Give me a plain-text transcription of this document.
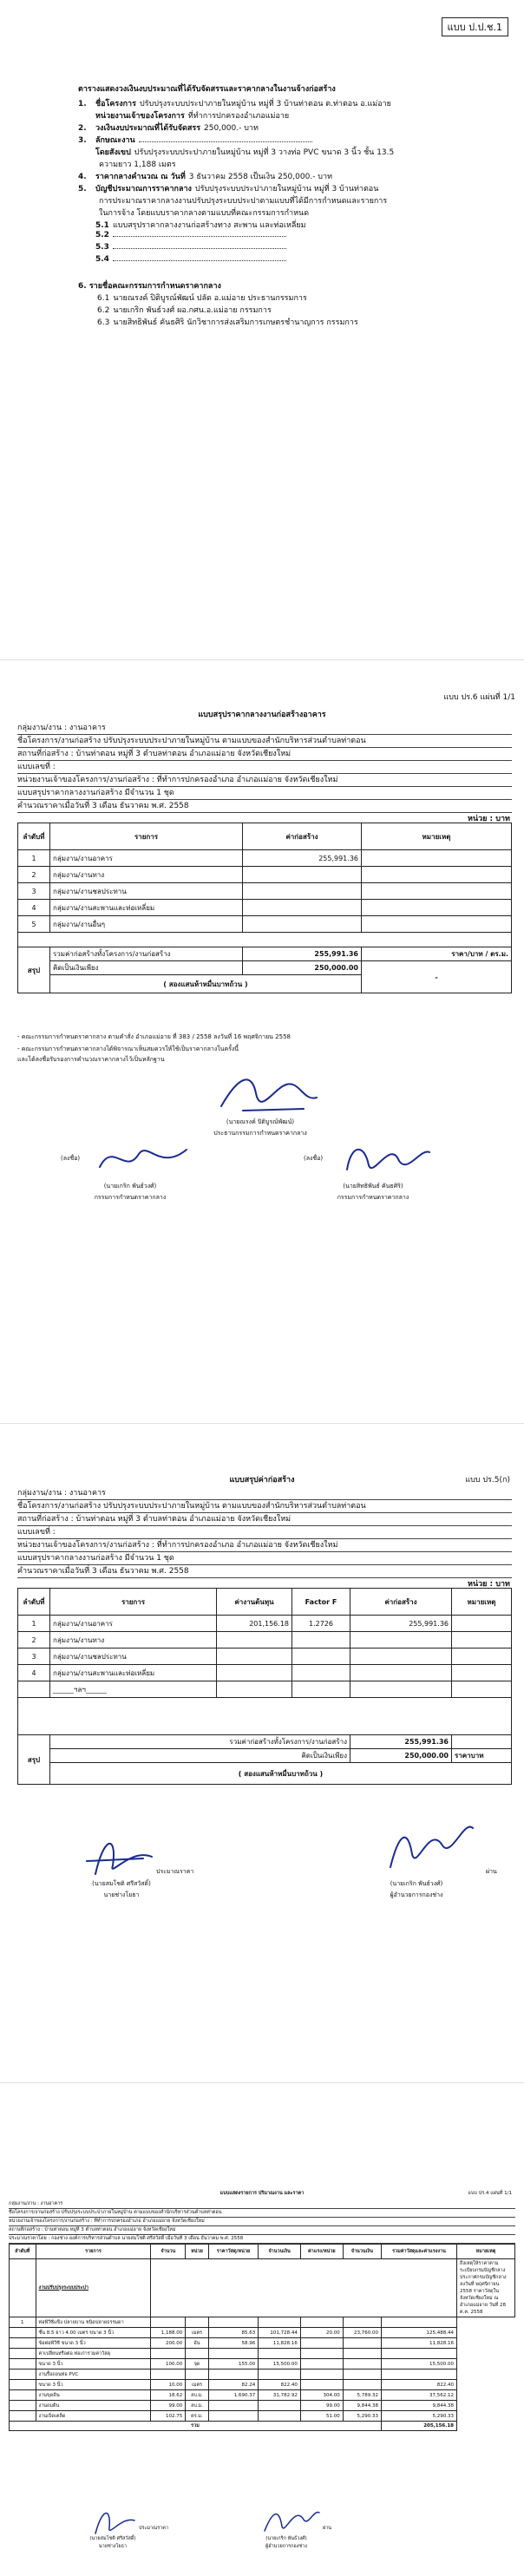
แบบ ป.ป.ช.1
ตารางแสดงวงเงินงบประมาณที่ได้รับจัดสรรและราคากลางในงานจ้างก่อสร้าง
1. ชื่อโครงการ ปรับปรุงระบบประปาภายในหมู่บ้าน หมู่ที่ 3 บ้านท่าตอน ต.ท่าตอน อ.แม่อาย
หน่วยงานเจ้าของโครงการ ที่ทำการปกครองอำเภอแม่อาย
2. วงเงินงบประมาณที่ได้รับจัดสรร 250,000.- บาท
3. ลักษณะงาน
โดยสังเขป ปรับปรุงระบบประปาภายในหมู่บ้าน หมู่ที่ 3 วางท่อ PVC ขนาด 3 นิ้ว ชั้น 13.5
ความยาว 1,188 เมตร
4. ราคากลางคำนวณ ณ วันที่ 3 ธันวาคม 2558 เป็นเงิน 250,000.- บาท
5. บัญชีประมาณการราคากลาง ปรับปรุงระบบประปาภายในหมู่บ้าน หมู่ที่ 3 บ้านท่าตอน
การประมาณราคากลางงานปรับปรุงระบบประปาตามแบบที่ได้มีการกำหนดและรายการ
ในการจ้าง โดยแบบราคากลางตามแบบที่คณะกรรมการกำหนด
5.1 แบบสรุปราคากลางงานก่อสร้างทาง สะพาน และท่อเหลี่ยม
5.2
5.3
5.4
6. รายชื่อคณะกรรมการกำหนดราคากลาง
6.1 นายณรงค์ ปิติบูรณ์พัฒน์ ปลัด อ.แม่อาย ประธานกรรมการ
6.2 นายเกริก พันธ์วงศ์ ผอ.กศน.อ.แม่อาย กรรมการ
6.3 นายสิทธิพันธ์ คันธศิริ นักวิชาการส่งเสริมการเกษตรชำนาญการ กรรมการ
แบบ ปร.6 แผ่นที่ 1/1
แบบสรุปราคากลางงานก่อสร้างอาคาร
กลุ่มงาน/งาน : งานอาคาร
ชื่อโครงการ/งานก่อสร้าง ปรับปรุงระบบประปาภายในหมู่บ้าน ตามแบบของสำนักบริหารส่วนตำบลท่าตอน
สถานที่ก่อสร้าง : บ้านท่าตอน หมู่ที่ 3 ตำบลท่าตอน อำเภอแม่อาย จังหวัดเชียงใหม่
แบบเลขที่ :
หน่วยงานเจ้าของโครงการ/งานก่อสร้าง : ที่ทำการปกครองอำเภอ อำเภอแม่อาย จังหวัดเชียงใหม่
แบบสรุปราคากลางงานก่อสร้าง มีจำนวน 1 ชุด
คำนวณราคาเมื่อวันที่ 3 เดือน ธันวาคม พ.ศ. 2558
หน่วย : บาท
ลำดับที่	รายการ	ค่าก่อสร้าง	หมายเหตุ
1	กลุ่มงาน/งานอาคาร	255,991.36	
2	กลุ่มงาน/งานทาง		
3	กลุ่มงาน/งานชลประทาน		
4	กลุ่มงาน/งานสะพานและท่อเหลี่ยม		
5	กลุ่มงาน/งานอื่นๆ		

สรุป	รวมค่าก่อสร้างทั้งโครงการ/งานก่อสร้าง	255,991.36	ราคา/บาท / ตร.ม.
	คิดเป็นเงินเพียง	250,000.00	-
	( สองแสนห้าหมื่นบาทถ้วน )		
- คณะกรรมการกำหนดราคากลาง ตามคำสั่ง อำเภอแม่อาย ที่ 383 / 2558 ลงวันที่ 16 พฤศจิกายน 2558
- คณะกรรมการกำหนดราคากลางได้พิจารณาเห็นสมควรให้ใช้เป็นราคากลางในครั้งนี้
และได้ลงชื่อรับรองการคำนวณราคากลางไว้เป็นหลักฐาน
(นายณรงค์ ปิติบูรณ์พัฒน์)
ประธานกรรมการกำหนดราคากลาง
(ลงชื่อ)
(นายเกริก พันธ์วงศ์)
กรรมการกำหนดราคากลาง
(ลงชื่อ)
(นายสิทธิพันธ์ คันธศิริ)
กรรมการกำหนดราคากลาง
แบบ ปร.5(ก)
แบบสรุปค่าก่อสร้าง
กลุ่มงาน/งาน : งานอาคาร
ชื่อโครงการ/งานก่อสร้าง ปรับปรุงระบบประปาภายในหมู่บ้าน ตามแบบของสำนักบริหารส่วนตำบลท่าตอน
สถานที่ก่อสร้าง : บ้านท่าตอน หมู่ที่ 3 ตำบลท่าตอน อำเภอแม่อาย จังหวัดเชียงใหม่
แบบเลขที่ :
หน่วยงานเจ้าของโครงการ/งานก่อสร้าง : ที่ทำการปกครองอำเภอ อำเภอแม่อาย จังหวัดเชียงใหม่
แบบสรุปราคากลางงานก่อสร้าง มีจำนวน 1 ชุด
คำนวณราคาเมื่อวันที่ 3 เดือน ธันวาคม พ.ศ. 2558
หน่วย : บาท
ลำดับที่	รายการ	ค่างานต้นทุน	Factor F	ค่าก่อสร้าง	หมายเหตุ
1	กลุ่มงาน/งานอาคาร	201,156.18	1.2726	255,991.36	
2	กลุ่มงาน/งานทาง				
3	กลุ่มงาน/งานชลประทาน				
4	กลุ่มงาน/งานสะพานและท่อเหลี่ยม				
	______ฯลฯ______				

สรุป	รวมค่าก่อสร้างทั้งโครงการ/งานก่อสร้าง			255,991.36	
	คิดเป็นเงินเพียง			250,000.00	ราคาบาท
	( สองแสนห้าหมื่นบาทถ้วน )				
ประมาณราคา
(นายสมโชติ ศรีสวัสดิ์)
นายช่างโยธา
ผ่าน
(นายเกริก พันธ์วงศ์)
ผู้อำนวยการกองช่าง
แบบ ปร.4 แผ่นที่ 1/1
แบบแสดงรายการ ปริมาณงาน และราคา
กลุ่มงาน/งาน : งานอาคาร
ชื่อโครงการ/งานก่อสร้าง ปรับปรุงระบบประปาภายในหมู่บ้าน ตามแบบของสำนักบริหารส่วนตำบลท่าตอน
หน่วยงานเจ้าของโครงการ/งานก่อสร้าง : ที่ทำการปกครองอำเภอ อำเภอแม่อาย จังหวัดเชียงใหม่
สถานที่ก่อสร้าง : บ้านท่าตอน หมู่ที่ 3 ตำบลท่าตอน อำเภอแม่อาย จังหวัดเชียงใหม่
ประมาณราคาโดย : กองช่าง องค์การบริหารส่วนตำบล นายสมโชติ ศรีสวัสดิ์ เมื่อวันที่ 3 เดือน ธันวาคม พ.ศ. 2558
ลำดับที่	รายการ	จำนวน	หน่วย	ราคาวัสดุ/หน่วย	จำนวนเงิน	ค่าแรง/หน่วย	จำนวนเงิน	รวมค่าวัสดุและค่าแรงงาน	หมายเหตุ
	งานปรับปรุงระบบประปา								ถึงเหตุให้ราคาตามระเบียบกรมบัญชีกลาง ประกาศกรมบัญชีกลาง ลงวันที่ พฤศจิกายน 2558 ราคาวัสดุในจังหวัดเชียงใหม่ ณ อำเภอแม่อาย วันที่ 28 ต.ค. 2558
1	ท่อพีวีซีแข็ง ปลายบาน ชนิดปลายธรรมดา								
	ชั้น 8.5 ยาว 4.00 เมตร ขนาด 3 นิ้ว	1,188.00	เมตร	85.63	101,728.44	20.00	23,760.00	125,488.44	
	ข้อต่อพีวีซี ขนาด 3 นิ้ว	200.00	อัน	58.96	11,828.16			11,828.16	
	ค่าเปลี่ยนหรือต่อ ท่อเก่ารวมค่าวัสดุ								
	ขนาด 3 นิ้ว	100.00	จุด	155.00	15,500.00			15,500.00	
	งานรื้อถอนท่อ PVC								
	ขนาด 3 นิ้ว	10.00	เมตร	82.24	822.40			822.40	
	งานขุดดิน	18.62	ลบ.ม.	1,690.37	31,782.92	304.00	5,789.32	37,562.12	
	งานถมดิน	99.00	ลบ.ม.			99.00	9,844.38	9,844.38	
	งานเบ็ดเตล็ด	102.75	ตร.ม.			51.00	5,290.33	5,290.33	
รวม								205,156.18	
ประมาณราคา
(นายสมโชติ ศรีสวัสดิ์)
นายช่างโยธา
ผ่าน
(นายเกริก พันธ์วงศ์)
ผู้อำนวยการกองช่าง
